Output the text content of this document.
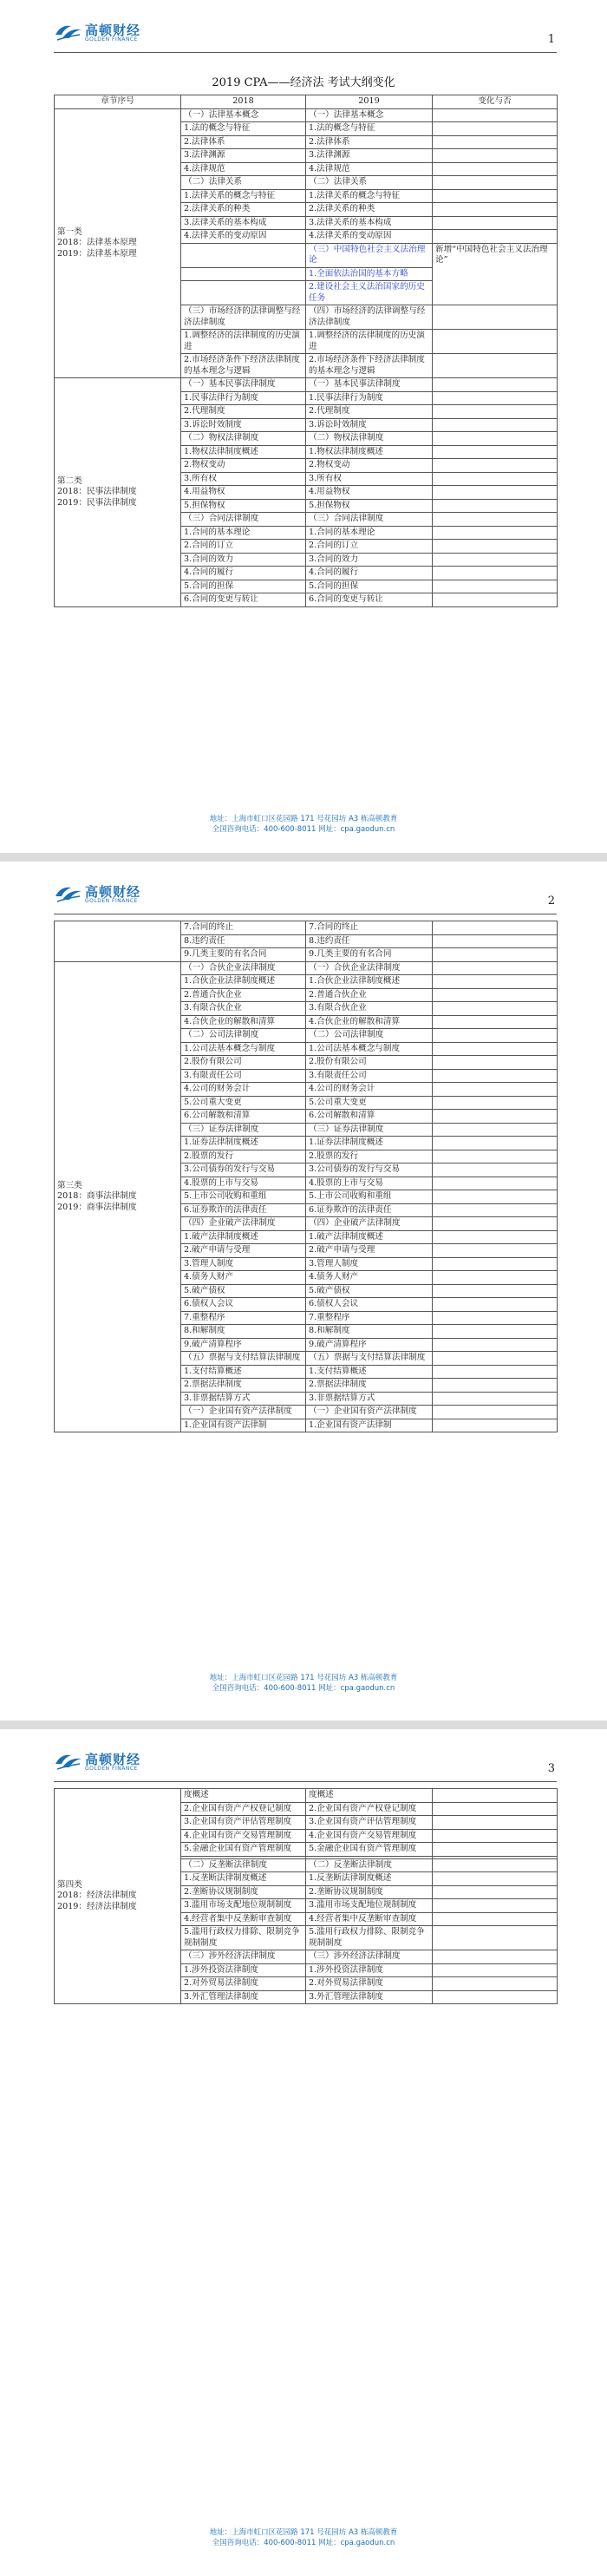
高顿财经
GOLDEN FINANCE	1
2019 CPA——经济法 考试大纲变化
章节序号	2018	2019	变化与否
第一类
2018：法律基本原理
2019：法律基本原理	（一）法律基本概念	（一）法律基本概念	
	1.法的概念与特征	1.法的概念与特征	
	2.法律体系	2.法律体系	
	3.法律渊源	3.法律渊源	
	4.法律规范	4.法律规范	
	（二）法律关系	（二）法律关系	
	1.法律关系的概念与特征	1.法律关系的概念与特征	
	2.法律关系的种类	2.法律关系的种类	
	3.法律关系的基本构成	3.法律关系的基本构成	
	4.法律关系的变动原因	4.法律关系的变动原因	
		（三）中国特色社会主义法治理论	新增“中国特色社会主义法治理论”
		1.全面依法治国的基本方略	
		2.建设社会主义法治国家的历史任务	
	（三）市场经济的法律调整与经济法律制度	（四）市场经济的法律调整与经济法律制度	
	1.调整经济的法律制度的历史演进	1.调整经济的法律制度的历史演进	
	2.市场经济条件下经济法律制度的基本理念与逻辑	2.市场经济条件下经济法律制度的基本理念与逻辑	
第二类
2018：民事法律制度
2019：民事法律制度	（一）基本民事法律制度	（一）基本民事法律制度	
	1.民事法律行为制度	1.民事法律行为制度	
	2.代理制度	2.代理制度	
	3.诉讼时效制度	3.诉讼时效制度	
	（二）物权法律制度	（二）物权法律制度	
	1.物权法律制度概述	1.物权法律制度概述	
	2.物权变动	2.物权变动	
	3.所有权	3.所有权	
	4.用益物权	4.用益物权	
	5.担保物权	5.担保物权	
	（三）合同法律制度	（三）合同法律制度	
	1.合同的基本理论	1.合同的基本理论	
	2.合同的订立	2.合同的订立	
	3.合同的效力	3.合同的效力	
	4.合同的履行	4.合同的履行	
	5.合同的担保	5.合同的担保	
	6.合同的变更与转让	6.合同的变更与转让	
地址：上海市虹口区花园路 171 号花园坊 A3 栋高顿教育
全国咨询电话：400-600-8011 网址：cpa.gaodun.cn
高顿财经
GOLDEN FINANCE	2
	7.合同的终止	7.合同的终止	
	8.违约责任	8.违约责任	
	9.几类主要的有名合同	9.几类主要的有名合同	
第三类
2018：商事法律制度
2019：商事法律制度	（一）合伙企业法律制度	（一）合伙企业法律制度	
	1.合伙企业法律制度概述	1.合伙企业法律制度概述	
	2.普通合伙企业	2.普通合伙企业	
	3.有限合伙企业	3.有限合伙企业	
	4.合伙企业的解散和清算	4.合伙企业的解散和清算	
	（二）公司法律制度	（二）公司法律制度	
	1.公司法基本概念与制度	1.公司法基本概念与制度	
	2.股份有限公司	2.股份有限公司	
	3.有限责任公司	3.有限责任公司	
	4.公司的财务会计	4.公司的财务会计	
	5.公司重大变更	5.公司重大变更	
	6.公司解散和清算	6.公司解散和清算	
	（三）证券法律制度	（三）证券法律制度	
	1.证券法律制度概述	1.证券法律制度概述	
	2.股票的发行	2.股票的发行	
	3.公司债券的发行与交易	3.公司债券的发行与交易	
	4.股票的上市与交易	4.股票的上市与交易	
	5.上市公司收购和重组	5.上市公司收购和重组	
	6.证券欺诈的法律责任	6.证券欺诈的法律责任	
	（四）企业破产法律制度	（四）企业破产法律制度	
	1.破产法律制度概述	1.破产法律制度概述	
	2.破产申请与受理	2.破产申请与受理	
	3.管理人制度	3.管理人制度	
	4.债务人财产	4.债务人财产	
	5.破产债权	5.破产债权	
	6.债权人会议	6.债权人会议	
	7.重整程序	7.重整程序	
	8.和解制度	8.和解制度	
	9.破产清算程序	9.破产清算程序	
	（五）票据与支付结算法律制度	（五）票据与支付结算法律制度	
	1.支付结算概述	1.支付结算概述	
	2.票据法律制度	2.票据法律制度	
	3.非票据结算方式	3.非票据结算方式	
	（一）企业国有资产法律制度	（一）企业国有资产法律制度	
	1.企业国有资产法律制	1.企业国有资产法律制	
地址：上海市虹口区花园路 171 号花园坊 A3 栋高顿教育
全国咨询电话：400-600-8011 网址：cpa.gaodun.cn
高顿财经
GOLDEN FINANCE	3
第四类
2018：经济法律制度
2019：经济法律制度	度概述	度概述	
	2.企业国有资产产权登记制度	2.企业国有资产产权登记制度	
	3.企业国有资产评估管理制度	3.企业国有资产评估管理制度	
	4.企业国有资产交易管理制度	4.企业国有资产交易管理制度	
	5.金融企业国有资产管理制度	5.金融企业国有资产管理制度	

	（二）反垄断法律制度	（二）反垄断法律制度	
	1.反垄断法律制度概述	1.反垄断法律制度概述	
	2.垄断协议规制制度	2.垄断协议规制制度	
	3.滥用市场支配地位规制制度	3.滥用市场支配地位规制制度	
	4.经营者集中反垄断审查制度	4.经营者集中反垄断审查制度	
	5.滥用行政权力排除、限制竞争规制制度	5.滥用行政权力排除、限制竞争规制制度	
	（三）涉外经济法律制度	（三）涉外经济法律制度	
	1.涉外投资法律制度	1.涉外投资法律制度	
	2.对外贸易法律制度	2.对外贸易法律制度	
	3.外汇管理法律制度	3.外汇管理法律制度	
地址：上海市虹口区花园路 171 号花园坊 A3 栋高顿教育
全国咨询电话：400-600-8011 网址：cpa.gaodun.cn
